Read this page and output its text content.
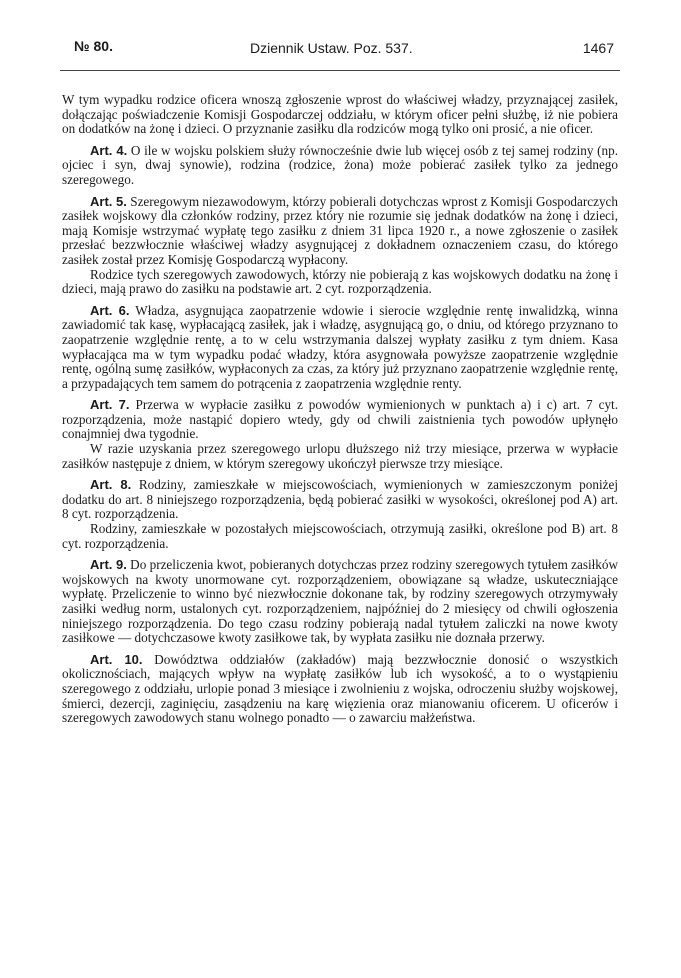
№ 80.	Dziennik Ustaw. Poz. 537.	1467

W tym wypadku rodzice oficera wnoszą zgłoszenie wprost do właściwej władzy, przyznającej zasiłek, dołączając poświadczenie Komisji Gospodarczej oddziału, w którym oficer pełni służbę, iż nie pobiera on dodatków na żonę i dzieci. O przyznanie zasiłku dla rodziców mogą tylko oni prosić, a nie oficer.

Art. 4. O ile w wojsku polskiem służy równocześnie dwie lub więcej osób z tej samej rodziny (np. ojciec i syn, dwaj synowie), rodzina (rodzice, żona) może pobierać zasiłek tylko za jednego szeregowego.

Art. 5. Szeregowym niezawodowym, którzy pobierali dotychczas wprost z Komisji Gospodarczych zasiłek wojskowy dla członków rodziny, przez który nie rozumie się jednak dodatków na żonę i dzieci, mają Komisje wstrzymać wypłatę tego zasiłku z dniem 31 lipca 1920 r., a nowe zgłoszenie o zasiłek przesłać bezzwłocznie właściwej władzy asygnującej z dokładnem oznaczeniem czasu, do którego zasiłek został przez Komisję Gospodarczą wypłacony.

Rodzice tych szeregowych zawodowych, którzy nie pobierają z kas wojskowych dodatku na żonę i dzieci, mają prawo do zasiłku na podstawie art. 2 cyt. rozporządzenia.

Art. 6. Władza, asygnująca zaopatrzenie wdowie i sierocie względnie rentę inwalidzką, winna zawiadomić tak kasę, wypłacającą zasiłek, jak i władzę, asygnującą go, o dniu, od którego przyznano to zaopatrzenie względnie rentę, a to w celu wstrzymania dalszej wypłaty zasiłku z tym dniem. Kasa wypłacająca ma w tym wypadku podać władzy, która asygnowała powyższe zaopatrzenie względnie rentę, ogólną sumę zasiłków, wypłaconych za czas, za który już przyznano zaopatrzenie względnie rentę, a przypadających tem samem do potrącenia z zaopatrzenia względnie renty.

Art. 7. Przerwa w wypłacie zasiłku z powodów wymienionych w punktach a) i c) art. 7 cyt. rozporządzenia, może nastąpić dopiero wtedy, gdy od chwili zaistnienia tych powodów upłynęło conajmniej dwa tygodnie.

W razie uzyskania przez szeregowego urlopu dłuższego niż trzy miesiące, przerwa w wypłacie zasiłków następuje z dniem, w którym szeregowy ukończył pierwsze trzy miesiące.

Art. 8. Rodziny, zamieszkałe w miejscowościach, wymienionych w zamieszczonym poniżej dodatku do art. 8 niniejszego rozporządzenia, będą pobierać zasiłki w wysokości, określonej pod A) art. 8 cyt. rozporządzenia.

Rodziny, zamieszkałe w pozostałych miejscowościach, otrzymują zasiłki, określone pod B) art. 8 cyt. rozporządzenia.

Art. 9. Do przeliczenia kwot, pobieranych dotychczas przez rodziny szeregowych tytułem zasiłków wojskowych na kwoty unormowane cyt. rozporządzeniem, obowiązane są władze, uskuteczniające wypłatę. Przeliczenie to winno być niezwłocznie dokonane tak, by rodziny szeregowych otrzymywały zasiłki według norm, ustalonych cyt. rozporządzeniem, najpóźniej do 2 miesięcy od chwili ogłoszenia niniejszego rozporządzenia. Do tego czasu rodziny pobierają nadal tytułem zaliczki na nowe kwoty zasiłkowe — dotychczasowe kwoty zasiłkowe tak, by wypłata zasiłku nie doznała przerwy.

Art. 10. Dowództwa oddziałów (zakładów) mają bezzwłocznie donosić o wszystkich okolicznościach, mających wpływ na wypłatę zasiłków lub ich wysokość, a to o wystąpieniu szeregowego z oddziału, urlopie ponad 3 miesiące i zwolnieniu z wojska, odroczeniu służby wojskowej, śmierci, dezercji, zaginięciu, zasądzeniu na karę więzienia oraz mianowaniu oficerem. U oficerów i szeregowych zawodowych stanu wolnego ponadto — o zawarciu małżeństwa.
